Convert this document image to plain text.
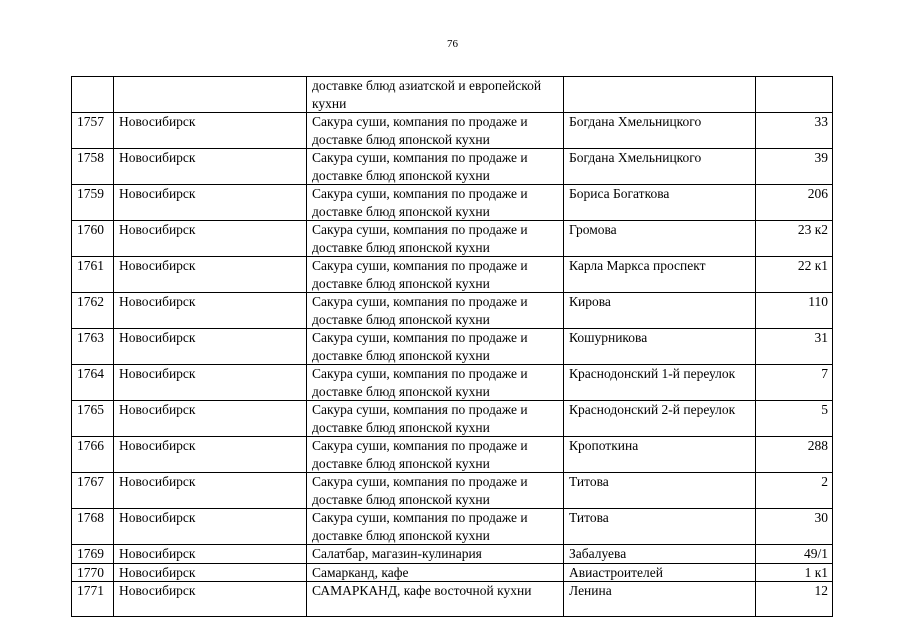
76
		доставке блюд азиатской и европейской кухни		
1757	Новосибирск	Сакура суши, компания по продаже и доставке блюд японской кухни	Богдана Хмельницкого	33
1758	Новосибирск	Сакура суши, компания по продаже и доставке блюд японской кухни	Богдана Хмельницкого	39
1759	Новосибирск	Сакура суши, компания по продаже и доставке блюд японской кухни	Бориса Богаткова	206
1760	Новосибирск	Сакура суши, компания по продаже и доставке блюд японской кухни	Громова	23 к2
1761	Новосибирск	Сакура суши, компания по продаже и доставке блюд японской кухни	Карла Маркса проспект	22 к1
1762	Новосибирск	Сакура суши, компания по продаже и доставке блюд японской кухни	Кирова	110
1763	Новосибирск	Сакура суши, компания по продаже и доставке блюд японской кухни	Кошурникова	31
1764	Новосибирск	Сакура суши, компания по продаже и доставке блюд японской кухни	Краснодонский 1-й переулок	7
1765	Новосибирск	Сакура суши, компания по продаже и доставке блюд японской кухни	Краснодонский 2-й переулок	5
1766	Новосибирск	Сакура суши, компания по продаже и доставке блюд японской кухни	Кропоткина	288
1767	Новосибирск	Сакура суши, компания по продаже и доставке блюд японской кухни	Титова	2
1768	Новосибирск	Сакура суши, компания по продаже и доставке блюд японской кухни	Титова	30
1769	Новосибирск	Салатбар, магазин-кулинария	Забалуева	49/1
1770	Новосибирск	Самарканд, кафе	Авиастроителей	1 к1
1771	Новосибирск	САМАРКАНД, кафе восточной кухни	Ленина	12
